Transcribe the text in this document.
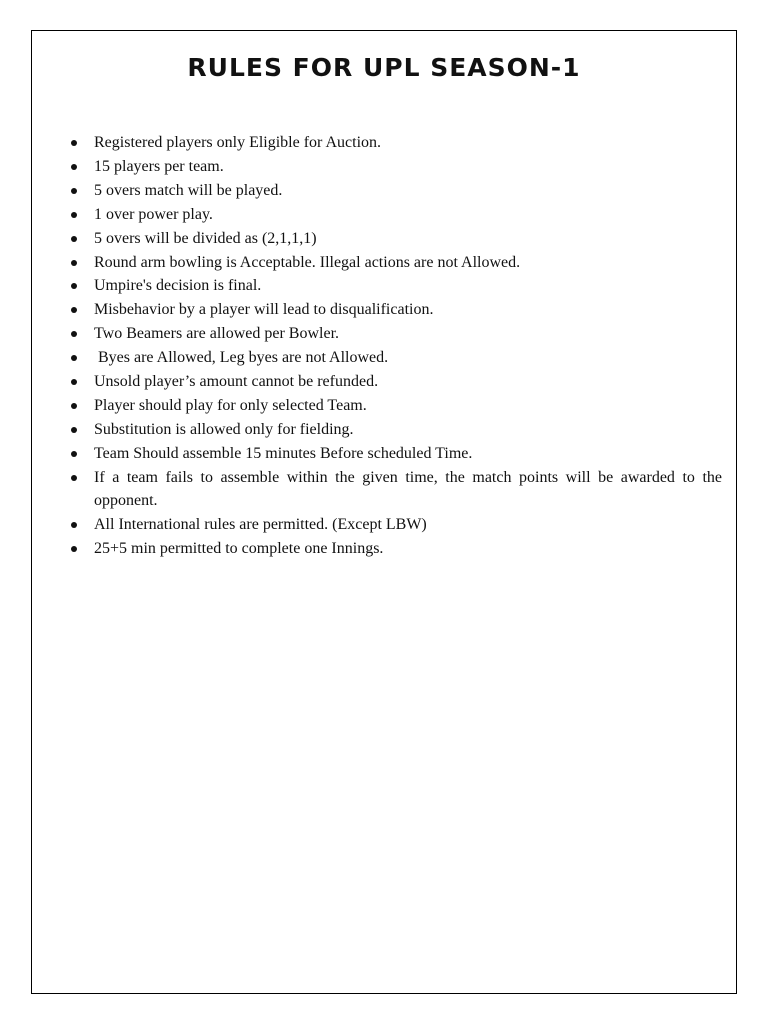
RULES FOR UPL SEASON-1
Registered players only Eligible for Auction.
15 players per team.
5 overs match will be played.
1 over power play.
5 overs will be divided as (2,1,1,1)
Round arm bowling is Acceptable. Illegal actions are not Allowed.
Umpire's decision is final.
Misbehavior by a player will lead to disqualification.
Two Beamers are allowed per Bowler.
Byes are Allowed, Leg byes are not Allowed.
Unsold player’s amount cannot be refunded.
Player should play for only selected Team.
Substitution is allowed only for fielding.
Team Should assemble 15 minutes Before scheduled Time.
If a team fails to assemble within the given time, the match points will be awarded to the opponent.
All International rules are permitted. (Except LBW)
25+5 min permitted to complete one Innings.
